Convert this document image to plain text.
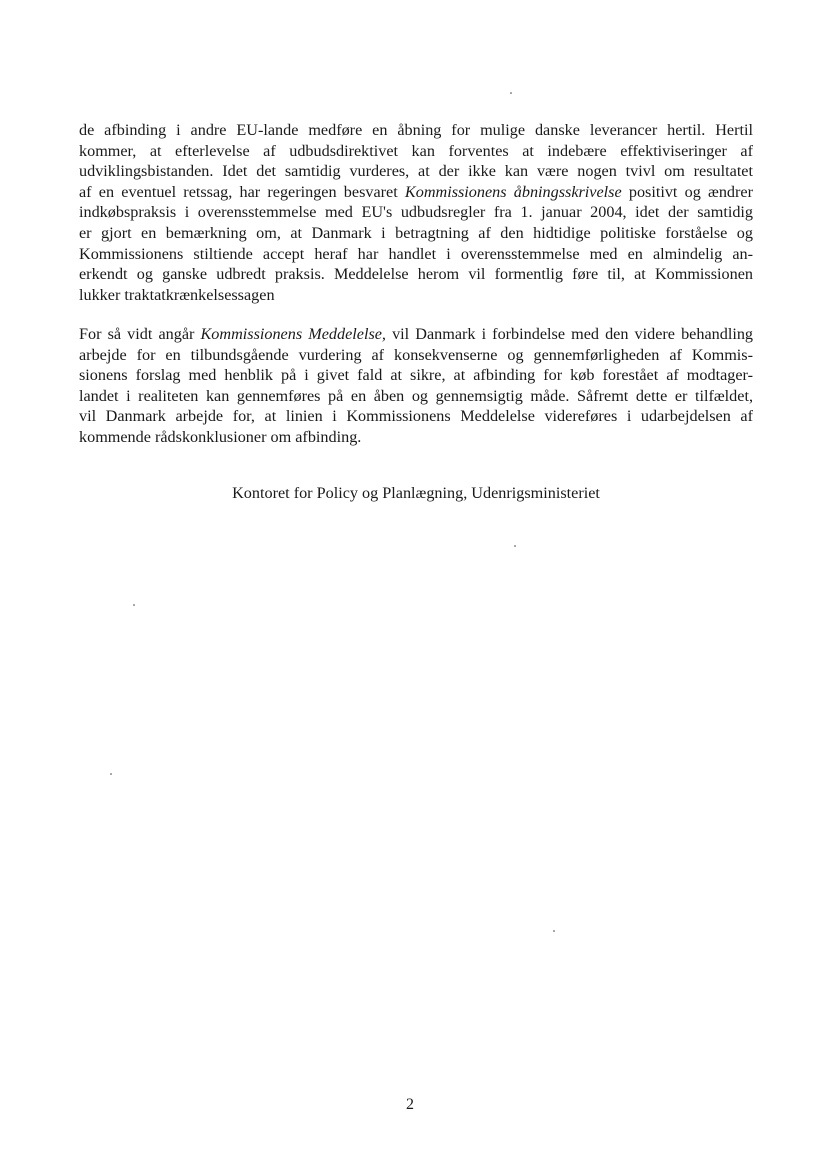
de afbinding i andre EU-lande medføre en åbning for mulige danske leverancer hertil. Hertil
kommer, at efterlevelse af udbudsdirektivet kan forventes at indebære effektiviseringer af
udviklingsbistanden. Idet det samtidig vurderes, at der ikke kan være nogen tvivl om resultatet
af en eventuel retssag, har regeringen besvaret Kommissionens åbningsskrivelse positivt og ændrer
indkøbspraksis i overensstemmelse med EU's udbudsregler fra 1. januar 2004, idet der samtidig
er gjort en bemærkning om, at Danmark i betragtning af den hidtidige politiske forståelse og
Kommissionens stiltiende accept heraf har handlet i overensstemmelse med en almindelig an-
erkendt og ganske udbredt praksis. Meddelelse herom vil formentlig føre til, at Kommissionen
lukker traktatkrænkelsessagen
For så vidt angår Kommissionens Meddelelse, vil Danmark i forbindelse med den videre behandling
arbejde for en tilbundsgående vurdering af konsekvenserne og gennemførligheden af Kommis-
sionens forslag med henblik på i givet fald at sikre, at afbinding for køb forestået af modtager-
landet i realiteten kan gennemføres på en åben og gennemsigtig måde. Såfremt dette er tilfældet,
vil Danmark arbejde for, at linien i Kommissionens Meddelelse videreføres i udarbejdelsen af
kommende rådskonklusioner om afbinding.
Kontoret for Policy og Planlægning, Udenrigsministeriet
2
